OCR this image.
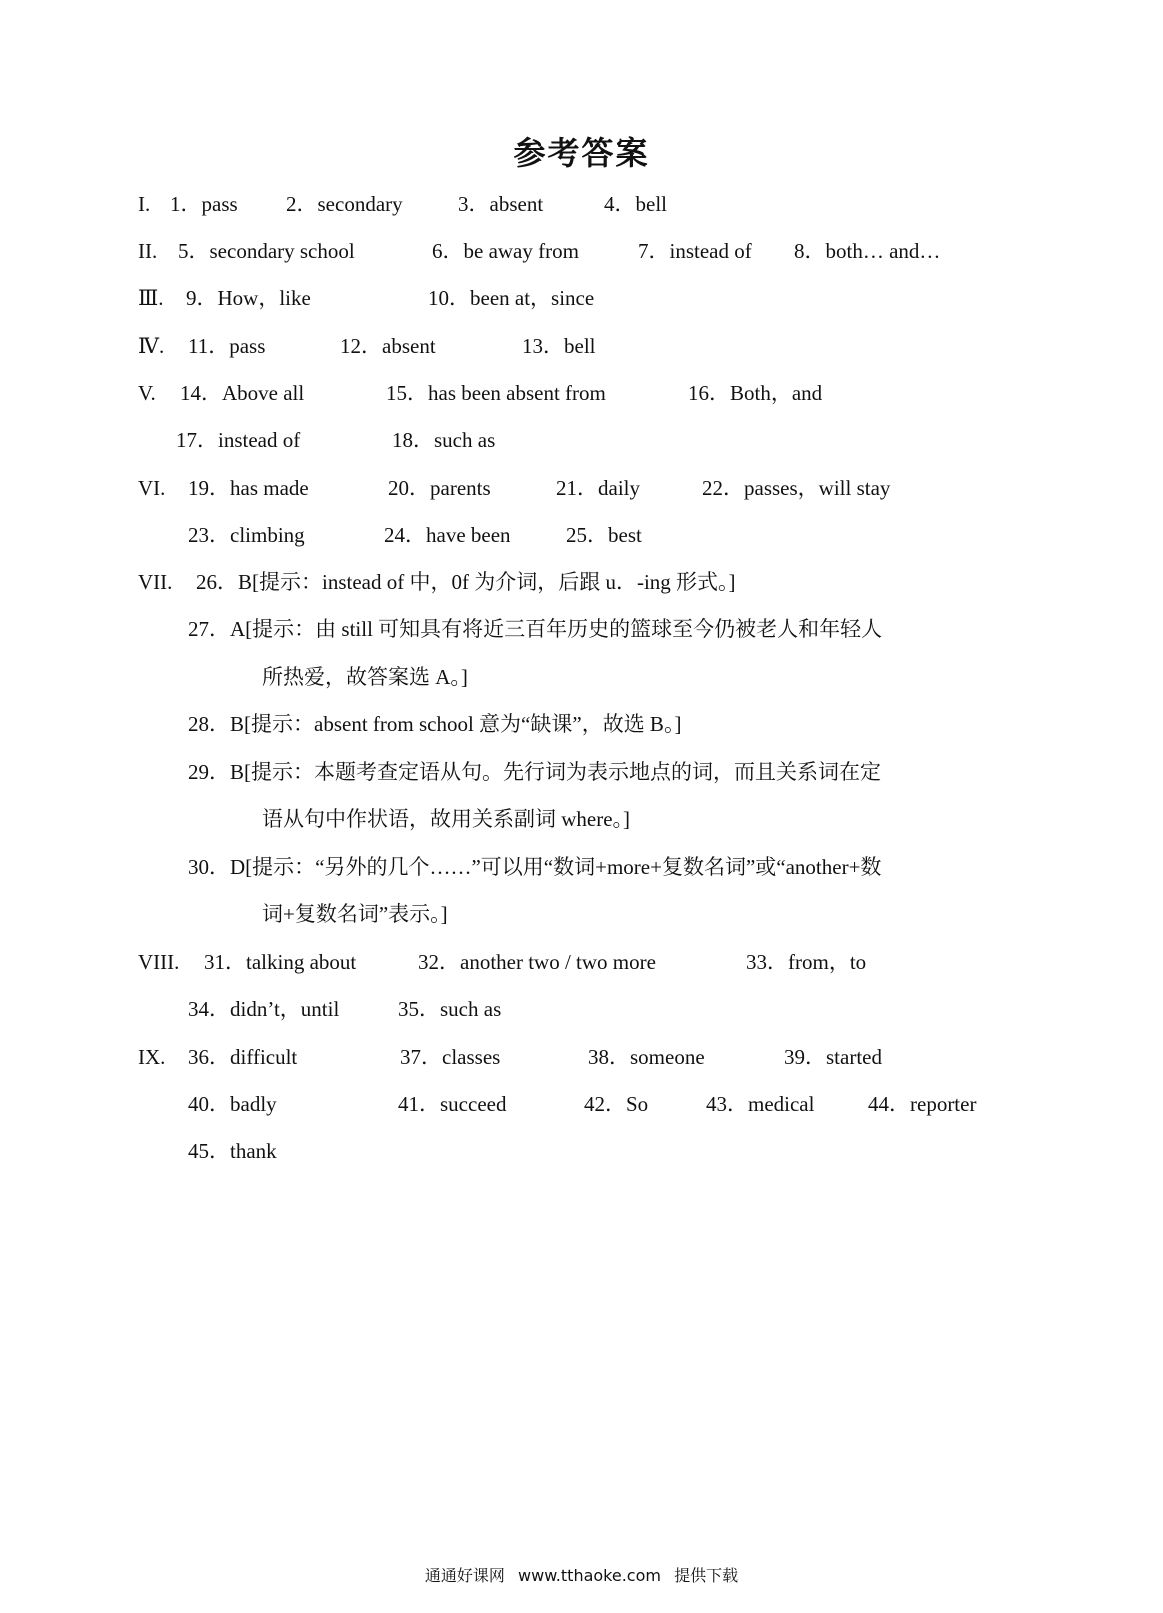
参考答案
I. 1．pass 2．secondary	3．absent	4．bell
II. 5．secondary school	6．be away from	7．instead of 8．both… and…
Ⅲ. 9．How，like	10．been at，since
Ⅳ. 11．pass	12．absent	13．bell
V. 14．Above all	15．has been absent from	16．Both，and
17．instead of	18．such as
VI. 19．has made	20．parents	21．daily	22．passes，will stay
23．climbing	24．have been	25．best
VII. 26．B[提示：instead of 中，0f 为介词，后跟 u．-ing 形式。]
27．A[提示：由 still 可知具有将近三百年历史的篮球至今仍被老人和年轻人
所热爱，故答案选 A。]
28．B[提示：absent from school 意为“缺课”，故选 B。]
29．B[提示：本题考查定语从句。先行词为表示地点的词，而且关系词在定
语从句中作状语，故用关系副词 where。]
30．D[提示：“另外的几个……”可以用“数词+more+复数名词”或“another+数
词+复数名词”表示。]
VIII. 31．talking about	32．another two / two more	33．from，to
34．didn’t，until	35．such as
IX. 36．difficult	37．classes	38．someone	39．started
40．badly	41．succeed	42．So	43．medical	44．reporter
45．thank
通通好课网 www.tthaoke.com 提供下载
